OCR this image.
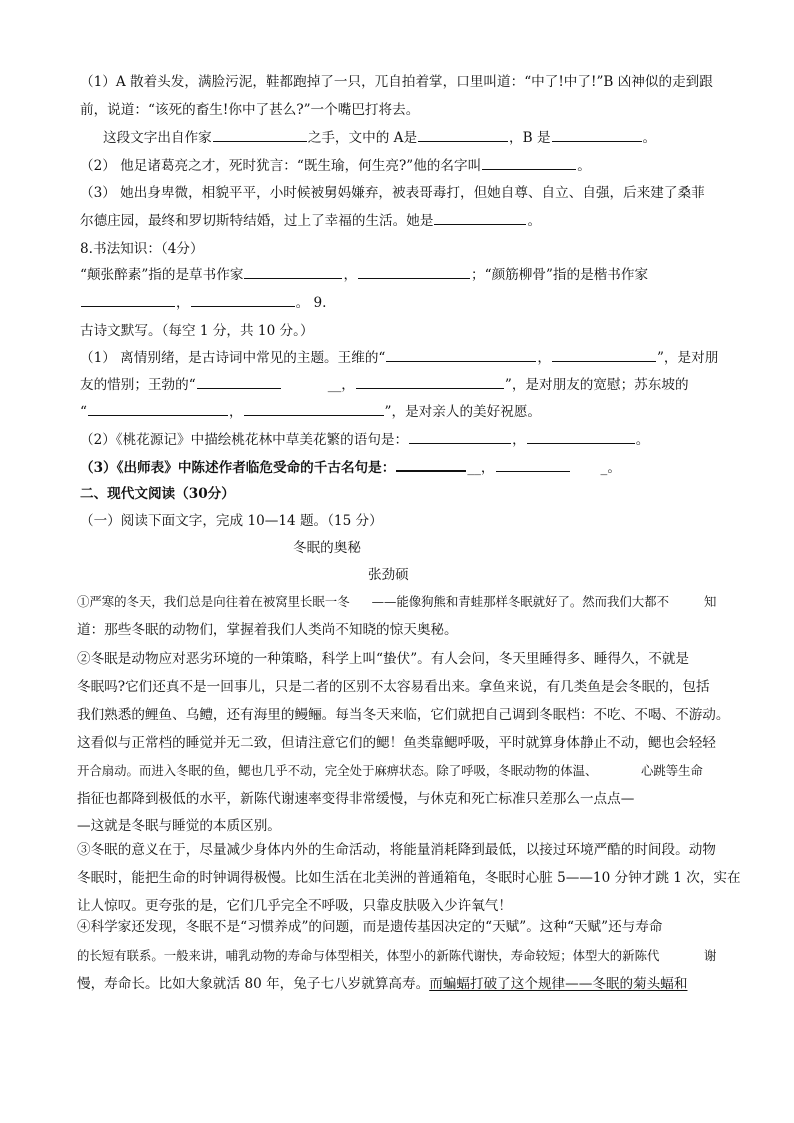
（1）A 散着头发，满脸污泥，鞋都跑掉了一只，兀自拍着掌，口里叫道：“中了!中了!”B 凶神似的走到跟
前，说道：“该死的畜生!你中了甚么?”一个嘴巴打将去。
这段文字出自作家	之手，文中的 A是	，B 是	。
（2） 他足诸葛亮之才，死时犹言：“既生瑜，何生亮?”他的名字叫	。
（3） 她出身卑微，相貌平平，小时候被舅妈嫌弃，被表哥毒打，但她自尊、自立、自强，后来建了桑菲
尔德庄园，最终和罗切斯特结婚，过上了幸福的生活。她是	。
8.书法知识：（4分）
“颠张醉素”指的是草书作家	，	；“颜筋柳骨”指的是楷书作家
，	。 9.
古诗文默写。（每空 1 分，共 10 分。）
（1） 离情别绪，是古诗词中常见的主题。王维的“	，	”，是对朋
友的惜别；王勃的“	__，	”，是对朋友的宽慰；苏东坡的
“	，	”，是对亲人的美好祝愿。
（2）《桃花源记》中描绘桃花林中草美花繁的语句是：	，	。
（3）《出师表》中陈述作者临危受命的千古名句是：	__，	_。
二、现代文阅读（30分）
（一）阅读下面文字，完成 10—14 题。（15 分）
冬眠的奥秘
张劲硕
①严寒的冬天，我们总是向往着在被窝里长眠一冬 ——能像狗熊和青蛙那样冬眠就好了。然而我们大都不	知
道：那些冬眠的动物们，掌握着我们人类尚不知晓的惊天奥秘。
②冬眠是动物应对恶劣环境的一种策略，科学上叫“蛰伏”。有人会问，冬天里睡得多、睡得久，不就是
冬眠吗?它们还真不是一回事儿，只是二者的区别不太容易看出来。拿鱼来说，有几类鱼是会冬眠的，包括
我们熟悉的鲤鱼、乌鳢，还有海里的鳗鲡。每当冬天来临，它们就把自己调到冬眠档：不吃、不喝、不游动。
这看似与正常档的睡觉并无二致，但请注意它们的鳃！鱼类靠鳃呼吸，平时就算身体静止不动，鳃也会轻轻
开合扇动。而进入冬眠的鱼，鳃也几乎不动，完全处于麻痹状态。除了呼吸，冬眠动物的体温、	心跳等生命
指征也都降到极低的水平，新陈代谢速率变得非常缓慢，与休克和死亡标准只差那么一点点—
—这就是冬眠与睡觉的本质区别。
③冬眠的意义在于，尽量减少身体内外的生命活动，将能量消耗降到最低，以接过环境严酷的时间段。动物
冬眠时，能把生命的时钟调得极慢。比如生活在北美洲的普通箱龟，冬眠时心脏 5——10 分钟才跳 1 次，实在
让人惊叹。更夸张的是，它们几乎完全不呼吸，只靠皮肤吸入少许氧气！
④科学家还发现，冬眠不是“习惯养成”的问题，而是遗传基因决定的“天赋”。这种“天赋”还与寿命
的长短有联系。一般来讲，哺乳动物的寿命与体型相关，体型小的新陈代谢快，寿命较短；体型大的新陈代	谢
慢，寿命长。比如大象就活 80 年，兔子七八岁就算高寿。而蝙蝠打破了这个规律——冬眠的菊头蝠和
